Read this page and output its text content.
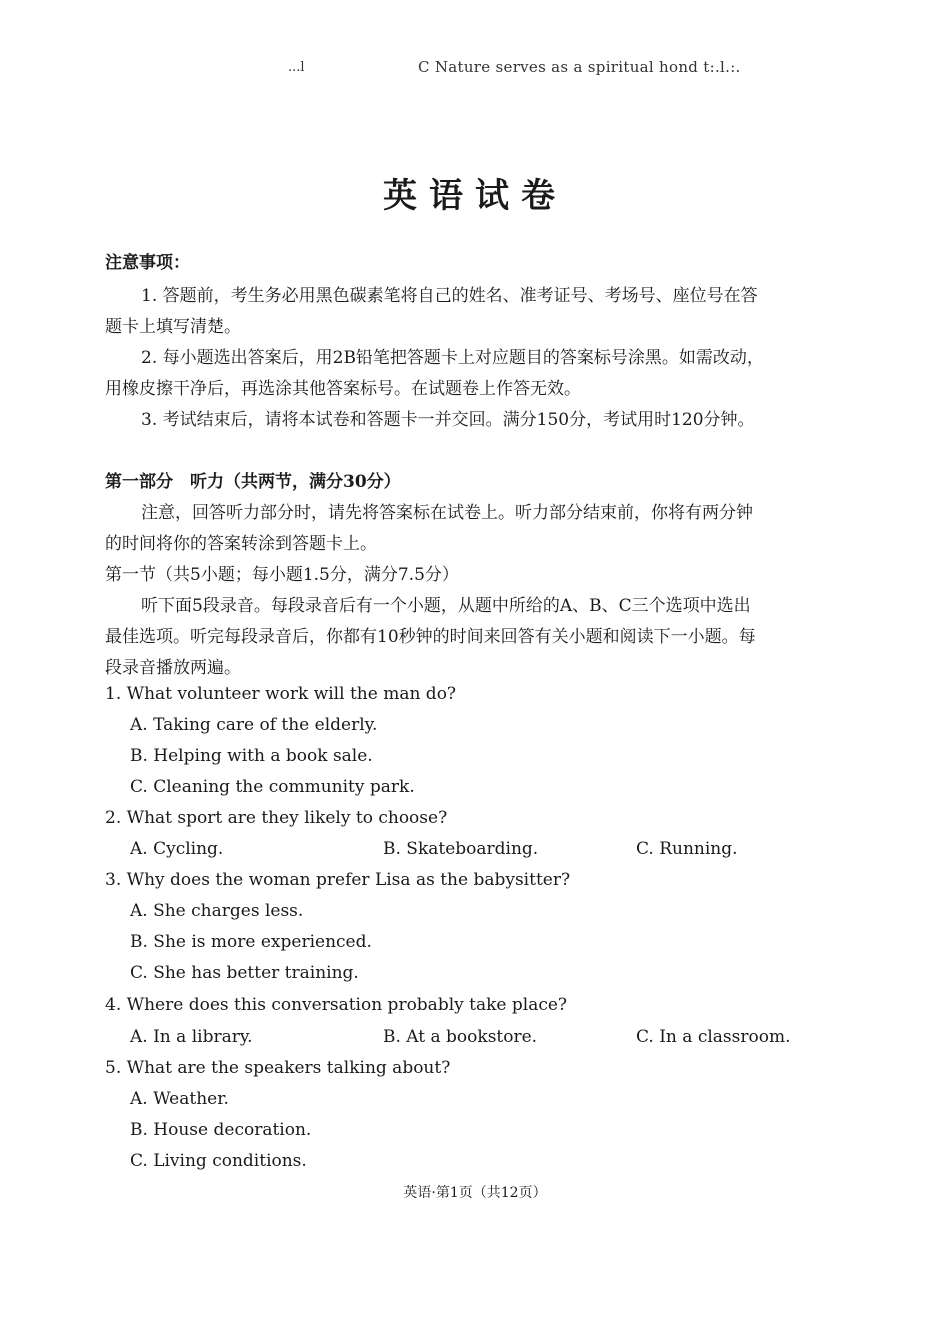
...l	C Nature serves as a spiritual hond t:.l.:.
英语试卷
注意事项：
1. 答题前，考生务必用黑色碳素笔将自己的姓名、准考证号、考场号、座位号在答
题卡上填写清楚。
2. 每小题选出答案后，用2B铅笔把答题卡上对应题目的答案标号涂黑。如需改动，
用橡皮擦干净后，再选涂其他答案标号。在试题卷上作答无效。
3. 考试结束后，请将本试卷和答题卡一并交回。满分150分，考试用时120分钟。
第一部分　听力（共两节，满分30分）
注意，回答听力部分时，请先将答案标在试卷上。听力部分结束前，你将有两分钟
的时间将你的答案转涂到答题卡上。
第一节（共5小题；每小题1.5分，满分7.5分）
听下面5段录音。每段录音后有一个小题，从题中所给的A、B、C三个选项中选出
最佳选项。听完每段录音后，你都有10秒钟的时间来回答有关小题和阅读下一小题。每
段录音播放两遍。
1. What volunteer work will the man do?
A. Taking care of the elderly.
B. Helping with a book sale.
C. Cleaning the community park.
2. What sport are they likely to choose?
A. Cycling.	B. Skateboarding.	C. Running.
3. Why does the woman prefer Lisa as the babysitter?
A. She charges less.
B. She is more experienced.
C. She has better training.
4. Where does this conversation probably take place?
A. In a library.	B. At a bookstore.	C. In a classroom.
5. What are the speakers talking about?
A. Weather.
B. House decoration.
C. Living conditions.
英语·第1页（共12页）
